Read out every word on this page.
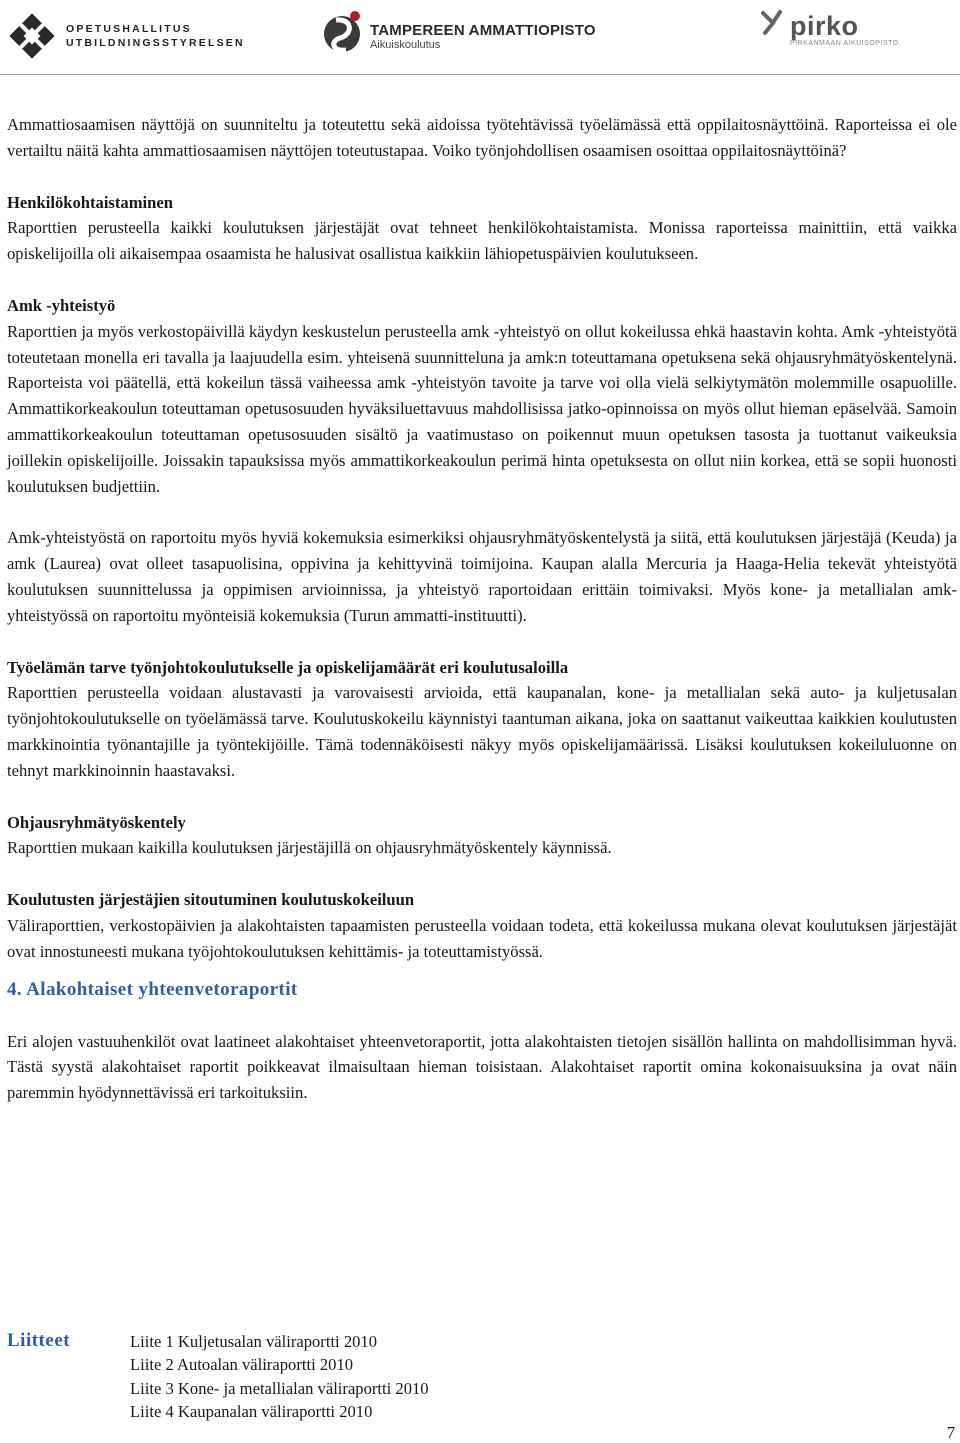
OPETUSHALLITUS
UTBILDNINGSSTYRELSEN
TAMPEREEN AMMATTIOPISTO
Aikuiskoulutus
pirko
PIRKANMAAN AIKUISOPISTO

Ammattiosaamisen näyttöjä on suunniteltu ja toteutettu sekä aidoissa työtehtävissä työelämässä että oppilaitosnäyttöinä. Raporteissa ei ole vertailtu näitä kahta ammattiosaamisen näyttöjen toteutustapaa. Voiko työnjohdollisen osaamisen osoittaa oppilaitosnäyttöinä?

Henkilökohtaistaminen

Raporttien perusteella kaikki koulutuksen järjestäjät ovat tehneet henkilökohtaistamista. Monissa raporteissa mainittiin, että vaikka opiskelijoilla oli aikaisempaa osaamista he halusivat osallistua kaikkiin lähiopetuspäivien koulutukseen.

Amk -yhteistyö

Raporttien ja myös verkostopäivillä käydyn keskustelun perusteella amk -yhteistyö on ollut kokeilussa ehkä haastavin kohta. Amk -yhteistyötä toteutetaan monella eri tavalla ja laajuudella esim. yhteisenä suunnitteluna ja amk:n toteuttamana opetuksena sekä ohjausryhmätyöskentelynä. Raporteista voi päätellä, että kokeilun tässä vaiheessa amk -yhteistyön tavoite ja tarve voi olla vielä selkiytymätön molemmille osapuolille. Ammattikorkeakoulun toteuttaman opetusosuuden hyväksiluettavuus mahdollisissa jatko-opinnoissa on myös ollut hieman epäselvää. Samoin ammattikorkeakoulun toteuttaman opetusosuuden sisältö ja vaatimustaso on poikennut muun opetuksen tasosta ja tuottanut vaikeuksia joillekin opiskelijoille. Joissakin tapauksissa myös ammattikorkeakoulun perimä hinta opetuksesta on ollut niin korkea, että se sopii huonosti koulutuksen budjettiin.

Amk-yhteistyöstä on raportoitu myös hyviä kokemuksia esimerkiksi ohjausryhmätyöskentelystä ja siitä, että koulutuksen järjestäjä (Keuda) ja amk (Laurea) ovat olleet tasapuolisina, oppivina ja kehittyvinä toimijoina. Kaupan alalla Mercuria ja Haaga-Helia tekevät yhteistyötä koulutuksen suunnittelussa ja oppimisen arvioinnissa, ja yhteistyö raportoidaan erittäin toimivaksi. Myös kone- ja metallialan amk-yhteistyössä on raportoitu myönteisiä kokemuksia (Turun ammatti-instituutti).

Työelämän tarve työnjohtokoulutukselle ja opiskelijamäärät eri koulutusaloilla

Raporttien perusteella voidaan alustavasti ja varovaisesti arvioida, että kaupanalan, kone- ja metallialan sekä auto- ja kuljetusalan työnjohtokoulutukselle on työelämässä tarve. Koulutuskokeilu käynnistyi taantuman aikana, joka on saattanut vaikeuttaa kaikkien koulutusten markkinointia työnantajille ja työntekijöille. Tämä todennäköisesti näkyy myös opiskelijamäärissä. Lisäksi koulutuksen kokeiluluonne on tehnyt markkinoinnin haastavaksi.

Ohjausryhmätyöskentely

Raporttien mukaan kaikilla koulutuksen järjestäjillä on ohjausryhmätyöskentely käynnissä.

Koulutusten järjestäjien sitoutuminen koulutuskokeiluun

Väliraporttien, verkostopäivien ja alakohtaisten tapaamisten perusteella voidaan todeta, että kokeilussa mukana olevat koulutuksen järjestäjät ovat innostuneesti mukana työjohtokoulutuksen kehittämis- ja toteuttamistyössä.

4. Alakohtaiset yhteenvetoraportit

Eri alojen vastuuhenkilöt ovat laatineet alakohtaiset yhteenvetoraportit, jotta alakohtaisten tietojen sisällön hallinta on mahdollisimman hyvä. Tästä syystä alakohtaiset raportit poikkeavat ilmaisultaan hieman toisistaan. Alakohtaiset raportit omina kokonaisuuksina ja ovat näin paremmin hyödynnettävissä eri tarkoituksiin.

Liitteet	Liite 1 Kuljetusalan väliraportti 2010
Liite 2 Autoalan väliraportti 2010
Liite 3 Kone- ja metallialan väliraportti 2010
Liite 4 Kaupanalan väliraportti 2010
7
